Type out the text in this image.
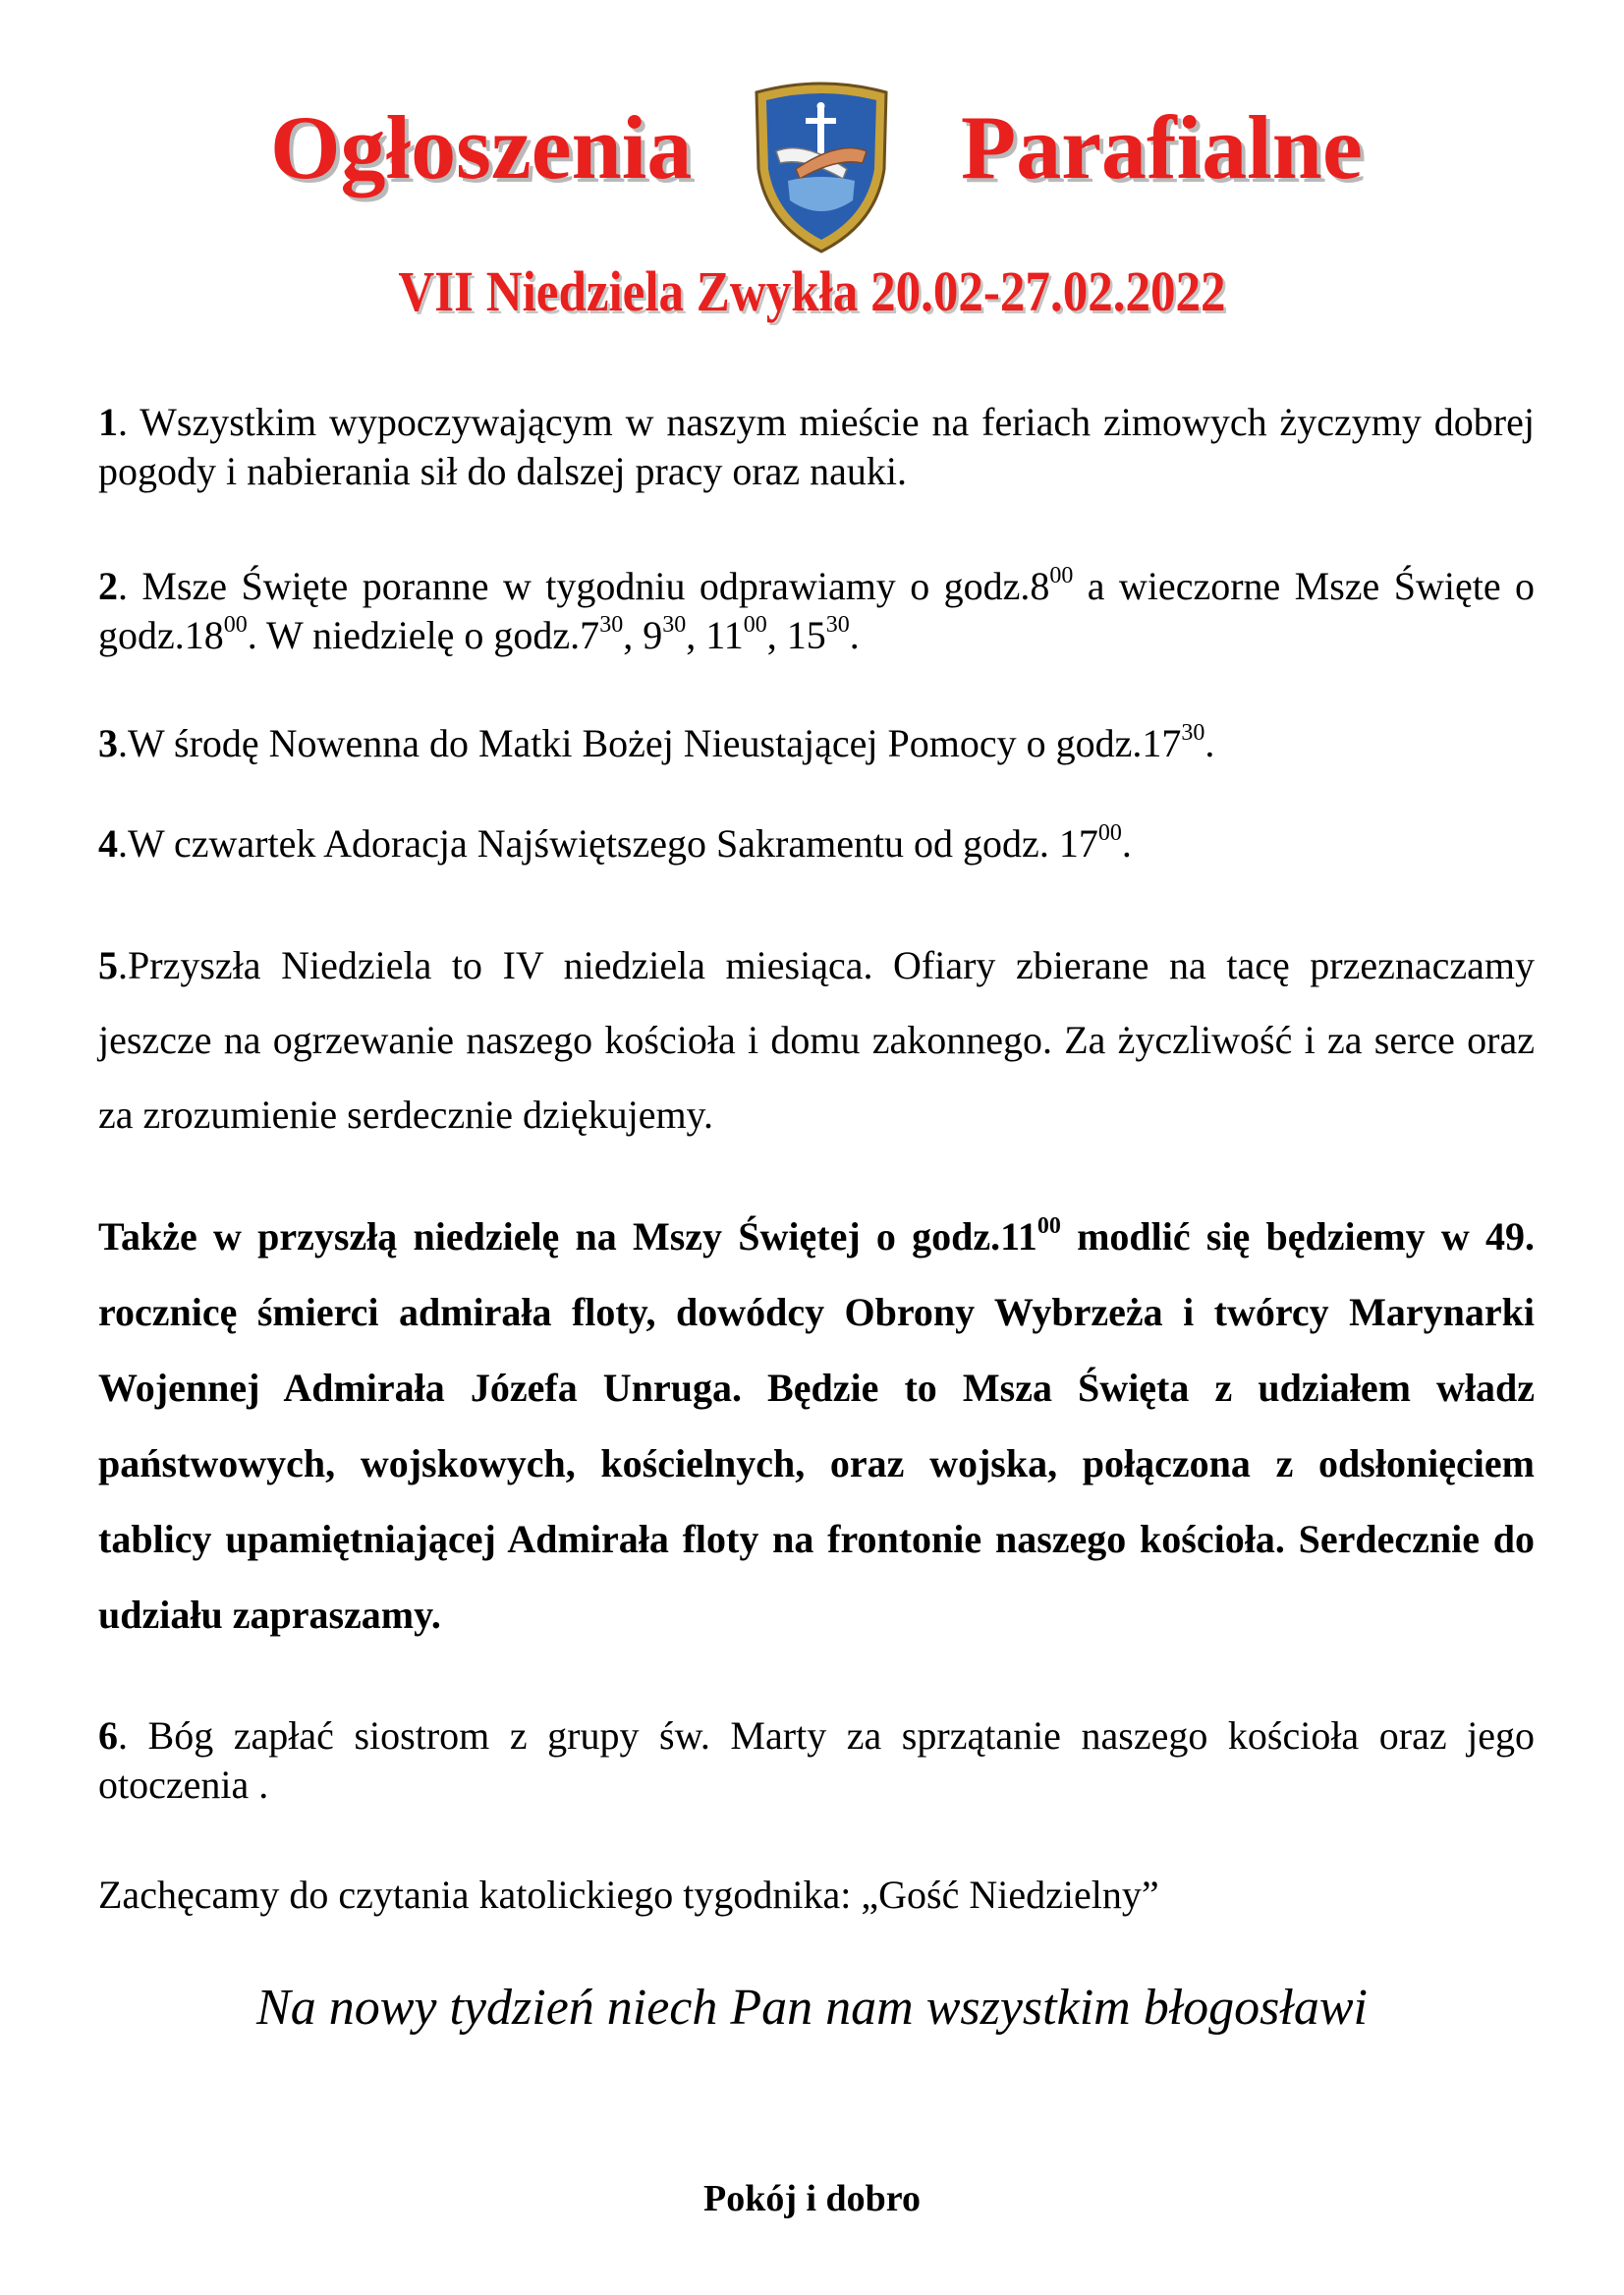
Ogłoszenia	Parafialne
VII Niedziela Zwykła 20.02-27.02.2022

1. Wszystkim wypoczywającym w naszym mieście na feriach zimowych życzymy dobrej pogody i nabierania sił do dalszej pracy oraz nauki.

2. Msze Święte poranne w tygodniu odprawiamy o $godz.8^{00}$ a wieczorne Msze Święte o $godz.18^{00}$. W niedzielę o $godz.7^{30}$, $9^{30}$, $11^{00}$, $15^{30}$.

3.W środę Nowenna do Matki Bożej Nieustającej Pomocy o $godz.17^{30}$.

4.W czwartek Adoracja Najświętszego Sakramentu od godz. $17^{00}$.

5.Przyszła Niedziela to IV niedziela miesiąca. Ofiary zbierane na tacę przeznaczamy jeszcze na ogrzewanie naszego kościoła i domu zakonnego. Za życzliwość i za serce oraz za zrozumienie serdecznie dziękujemy.

Także w przyszłą niedzielę na Mszy Świętej o $godz.11^{00}$ modlić się będziemy w 49. rocznicę śmierci admirała floty, dowódcy Obrony Wybrzeża i twórcy Marynarki Wojennej Admirała Józefa Unruga. Będzie to Msza Święta z udziałem władz państwowych, wojskowych, kościelnych, oraz wojska, połączona z odsłonięciem tablicy upamiętniającej Admirała floty na frontonie naszego kościoła. Serdecznie do udziału zapraszamy.

6. Bóg zapłać siostrom z grupy św. Marty za sprzątanie naszego kościoła oraz jego otoczenia .

Zachęcamy do czytania katolickiego tygodnika: „Gość Niedzielny”

Na nowy tydzień niech Pan nam wszystkim błogosławi
Pokój i dobro
